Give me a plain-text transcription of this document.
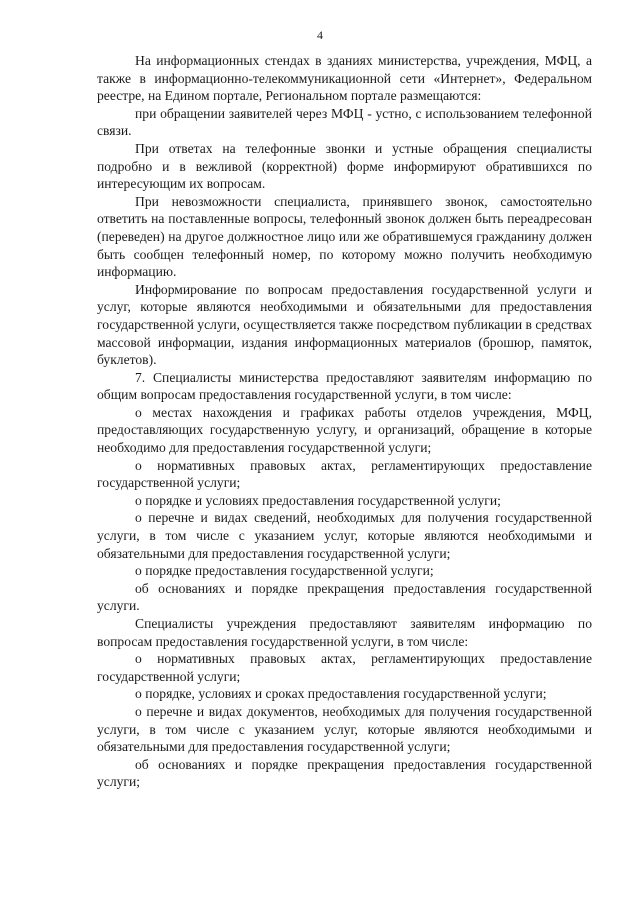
4

На информационных стендах в зданиях министерства, учреждения, МФЦ, а также в информационно-телекоммуникационной сети «Интернет», Федеральном реестре, на Едином портале, Региональном портале размещаются:

при обращении заявителей через МФЦ - устно, с использованием телефонной связи.

При ответах на телефонные звонки и устные обращения специалисты подробно и в вежливой (корректной) форме информируют обратившихся по интересующим их вопросам.

При невозможности специалиста, принявшего звонок, самостоятельно ответить на поставленные вопросы, телефонный звонок должен быть переадресован (переведен) на другое должностное лицо или же обратившемуся гражданину должен быть сообщен телефонный номер, по которому можно получить необходимую информацию.

Информирование по вопросам предоставления государственной услуги и услуг, которые являются необходимыми и обязательными для предоставления государственной услуги, осуществляется также посредством публикации в средствах массовой информации, издания информационных материалов (брошюр, памяток, буклетов).

7. Специалисты министерства предоставляют заявителям информацию по общим вопросам предоставления государственной услуги, в том числе:

о местах нахождения и графиках работы отделов учреждения, МФЦ, предоставляющих государственную услугу, и организаций, обращение в которые необходимо для предоставления государственной услуги;

о нормативных правовых актах, регламентирующих предоставление государственной услуги;

о порядке и условиях предоставления государственной услуги;

о перечне и видах сведений, необходимых для получения государственной услуги, в том числе с указанием услуг, которые являются необходимыми и обязательными для предоставления государственной услуги;

о порядке предоставления государственной услуги;

об основаниях и порядке прекращения предоставления государственной услуги.

Специалисты учреждения предоставляют заявителям информацию по вопросам предоставления государственной услуги, в том числе:

о нормативных правовых актах, регламентирующих предоставление государственной услуги;

о порядке, условиях и сроках предоставления государственной услуги;

о перечне и видах документов, необходимых для получения государственной услуги, в том числе с указанием услуг, которые являются необходимыми и обязательными для предоставления государственной услуги;

об основаниях и порядке прекращения предоставления государственной услуги;
